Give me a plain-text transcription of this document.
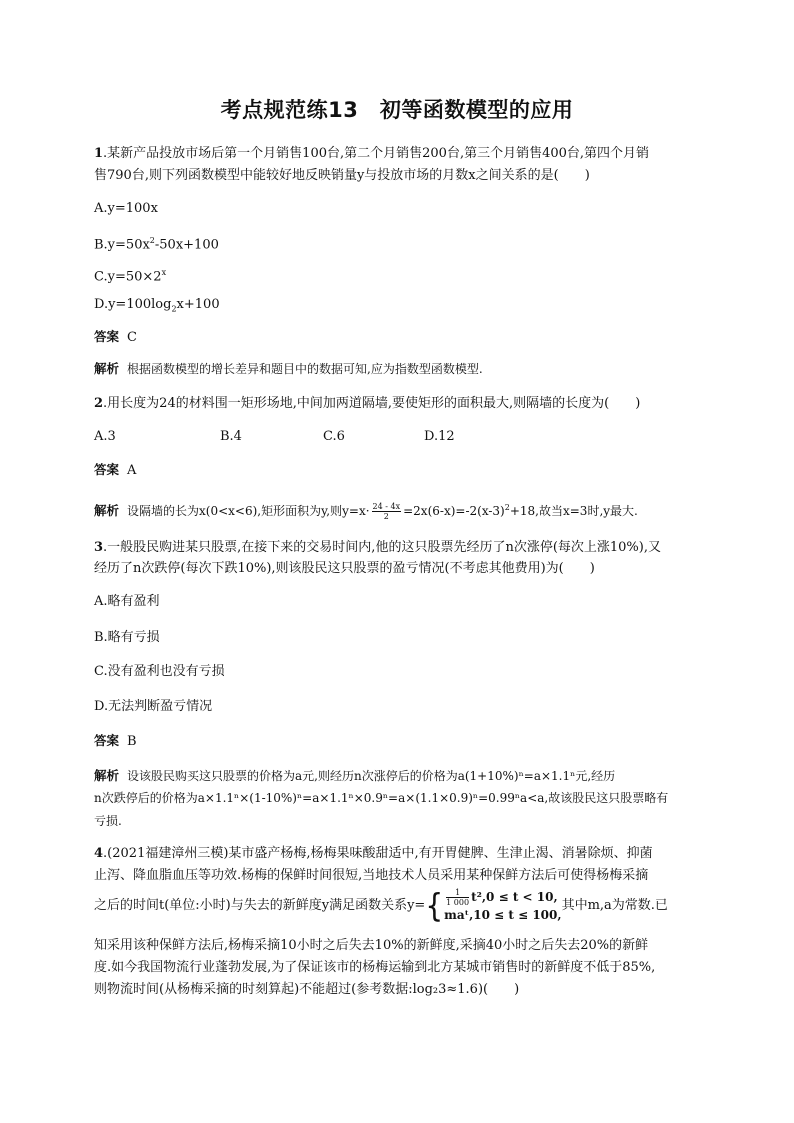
考点规范练13　初等函数模型的应用
1.某新产品投放市场后第一个月销售100台,第二个月销售200台,第三个月销售400台,第四个月销
售790台,则下列函数模型中能较好地反映销量y与投放市场的月数x之间关系的是(　　)
A.y=100x
$B.y=50x^2-50x+100$
$C.y=50\times 2^x$
$D.y=100\log_2x+100$
答案 C
解析 根据函数模型的增长差异和题目中的数据可知,应为指数型函数模型.
2.用长度为24的材料围一矩形场地,中间加两道隔墙,要使矩形的面积最大,则隔墙的长度为(　　)
A.3	B.4	C.6	D.12
答案 A
解析 设隔墙的长为x(0<x<6),矩形面积为y,则$y=x\cdot \frac{24 - 4x}{2} =2x(6-x)=-2(x-3)^2+18$,故当x=3时,y最大.
3.一般股民购进某只股票,在接下来的交易时间内,他的这只股票先经历了n次涨停(每次上涨10%),又
经历了n次跌停(每次下跌10%),则该股民这只股票的盈亏情况(不考虑其他费用)为(　　)
A.略有盈利
B.略有亏损
C.没有盈利也没有亏损
D.无法判断盈亏情况
答案 B
解析 设该股民购买这只股票的价格为a元,则经历n次涨停后的价格为a(1+10%)ⁿ=a×1.1ⁿ元,经历
n次跌停后的价格为a×1.1ⁿ×(1-10%)ⁿ=a×1.1ⁿ×0.9ⁿ=a×(1.1×0.9)ⁿ=0.99ⁿa<a,故该股民这只股票略有
亏损.
4.(2021福建漳州三模)某市盛产杨梅,杨梅果味酸甜适中,有开胃健脾、生津止渴、消暑除烦、抑菌
止泻、降血脂血压等功效.杨梅的保鲜时间很短,当地技术人员采用某种保鲜方法后可使得杨梅采摘
之后的时间t(单位:小时)与失去的新鲜度y满足函数关系y= { $\frac{1}{1 000} t^2,0 \le t < 10$,
maᵗ,10 ≤ t ≤ 100,
其中m,a为常数.已
知采用该种保鲜方法后,杨梅采摘10小时之后失去10%的新鲜度,采摘40小时之后失去20%的新鲜
度.如今我国物流行业蓬勃发展,为了保证该市的杨梅运输到北方某城市销售时的新鲜度不低于85%,
则物流时间(从杨梅采摘的时刻算起)不能超过(参考数据:log₂3≈1.6)(　　)
